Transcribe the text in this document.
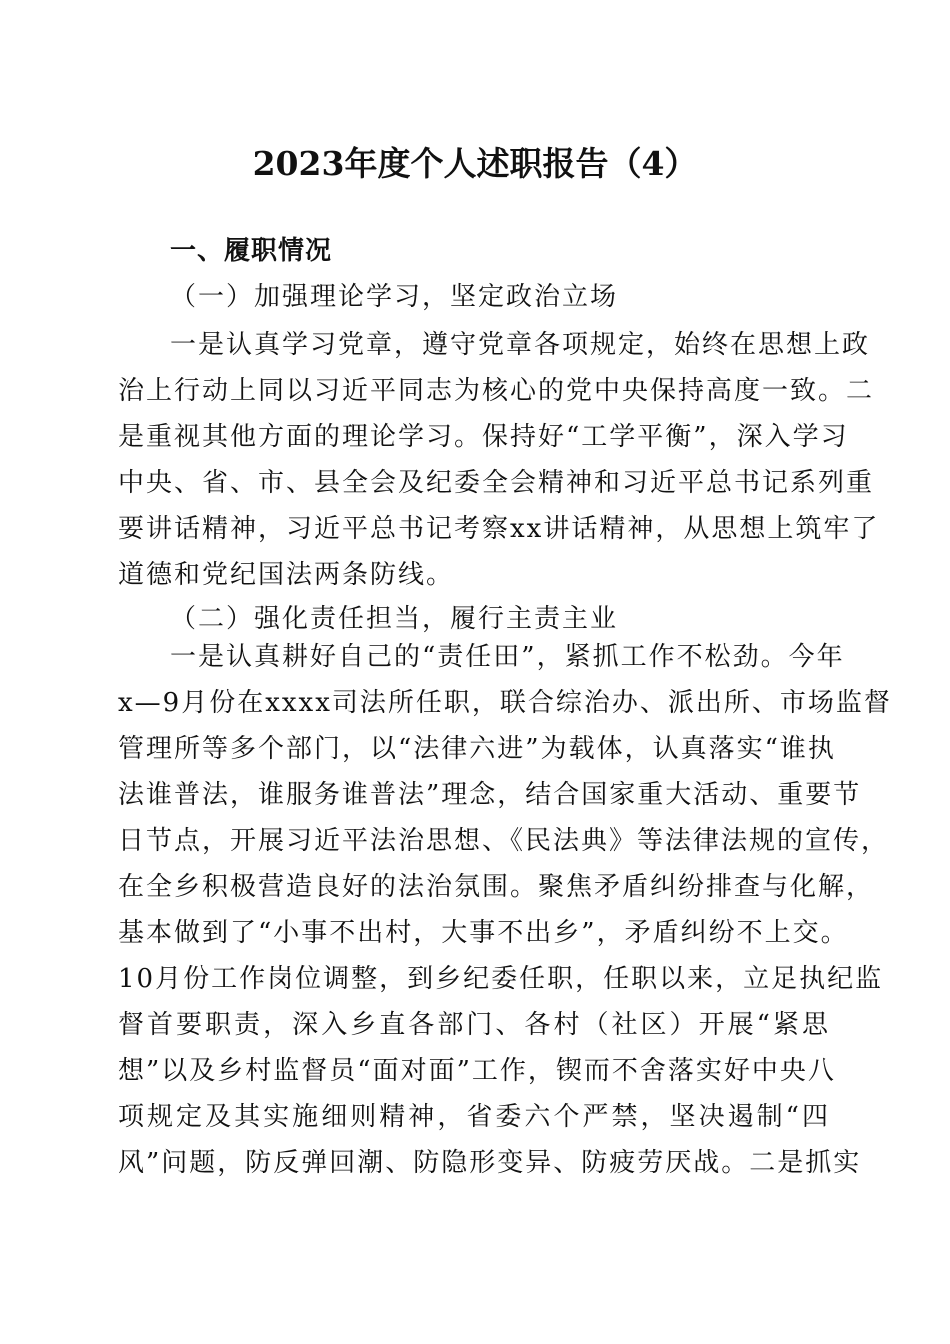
2023年度个人述职报告（4）
一、履职情况
（一）加强理论学习，坚定政治立场
一是认真学习党章，遵守党章各项规定，始终在思想上政
治上行动上同以习近平同志为核心的党中央保持高度一致。二
是重视其他方面的理论学习。保持好“工学平衡”，深入学习
中央、省、市、县全会及纪委全会精神和习近平总书记系列重
要讲话精神，习近平总书记考察xx讲话精神，从思想上筑牢了
道德和党纪国法两条防线。
（二）强化责任担当，履行主责主业
一是认真耕好自己的“责任田”，紧抓工作不松劲。今年
x—9月份在xxxx司法所任职，联合综治办、派出所、市场监督
管理所等多个部门，以“法律六进”为载体，认真落实“谁执
法谁普法，谁服务谁普法”理念，结合国家重大活动、重要节
日节点，开展习近平法治思想、《民法典》等法律法规的宣传，
在全乡积极营造良好的法治氛围。聚焦矛盾纠纷排查与化解，
基本做到了“小事不出村，大事不出乡”，矛盾纠纷不上交。
10月份工作岗位调整，到乡纪委任职，任职以来，立足执纪监
督首要职责，深入乡直各部门、各村（社区）开展“紧思
想”以及乡村监督员“面对面”工作，锲而不舍落实好中央八
项规定及其实施细则精神，省委六个严禁，坚决遏制“四
风”问题，防反弹回潮、防隐形变异、防疲劳厌战。二是抓实
